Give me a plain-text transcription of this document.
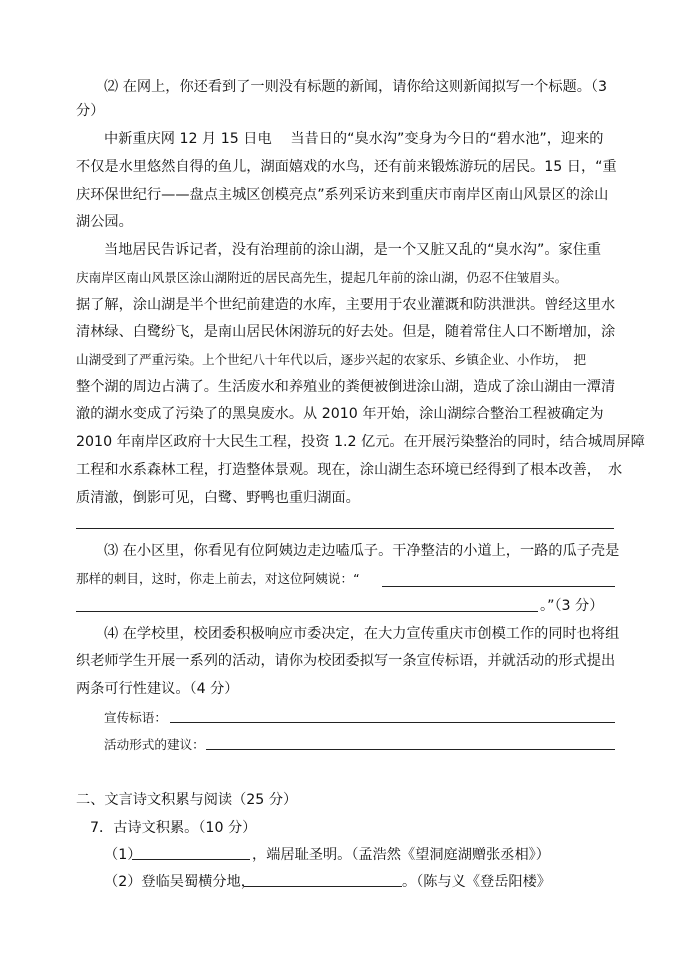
⑵ 在网上，你还看到了一则没有标题的新闻，请你给这则新闻拟写一个标题。（3
分）
中新重庆网 12 月 15 日电　 当昔日的“臭水沟”变身为今日的“碧水池”，迎来的
不仅是水里悠然自得的鱼儿，湖面嬉戏的水鸟，还有前来锻炼游玩的居民。15 日，“重
庆环保世纪行——盘点主城区创模亮点”系列采访来到重庆市南岸区南山风景区的涂山
湖公园。
当地居民告诉记者，没有治理前的涂山湖，是一个又脏又乱的“臭水沟”。家住重
庆南岸区南山风景区涂山湖附近的居民高先生，提起几年前的涂山湖，仍忍不住皱眉头。
据了解，涂山湖是半个世纪前建造的水库，主要用于农业灌溉和防洪泄洪。曾经这里水
清林绿、白鹭纷飞，是南山居民休闲游玩的好去处。但是，随着常住人口不断增加，涂
山湖受到了严重污染。上个世纪八十年代以后，逐步兴起的农家乐、乡镇企业、小作坊，　把
整个湖的周边占满了。生活废水和养殖业的粪便被倒进涂山湖，造成了涂山湖由一潭清
澈的湖水变成了污染了的黑臭废水。从 2010 年开始，涂山湖综合整治工程被确定为
2010 年南岸区政府十大民生工程，投资 1.2 亿元。在开展污染整治的同时，结合城周屏障
工程和水系森林工程，打造整体景观。现在，涂山湖生态环境已经得到了根本改善，　水
质清澈，倒影可见，白鹭、野鸭也重归湖面。
⑶ 在小区里，你看见有位阿姨边走边嗑瓜子。干净整洁的小道上，一路的瓜子壳是
那样的刺目，这时，你走上前去，对这位阿姨说：“
。”（3 分）
⑷ 在学校里，校团委积极响应市委决定，在大力宣传重庆市创模工作的同时也将组
织老师学生开展一系列的活动，请你为校团委拟写一条宣传标语，并就活动的形式提出
两条可行性建议。（4 分）
宣传标语：
活动形式的建议：
二、文言诗文积累与阅读（25 分）
7．古诗文积累。（10 分）
（1）	，端居耻圣明。（孟浩然《望洞庭湖赠张丞相》）
（2）登临吴蜀横分地，	。（陈与义《登岳阳楼》
